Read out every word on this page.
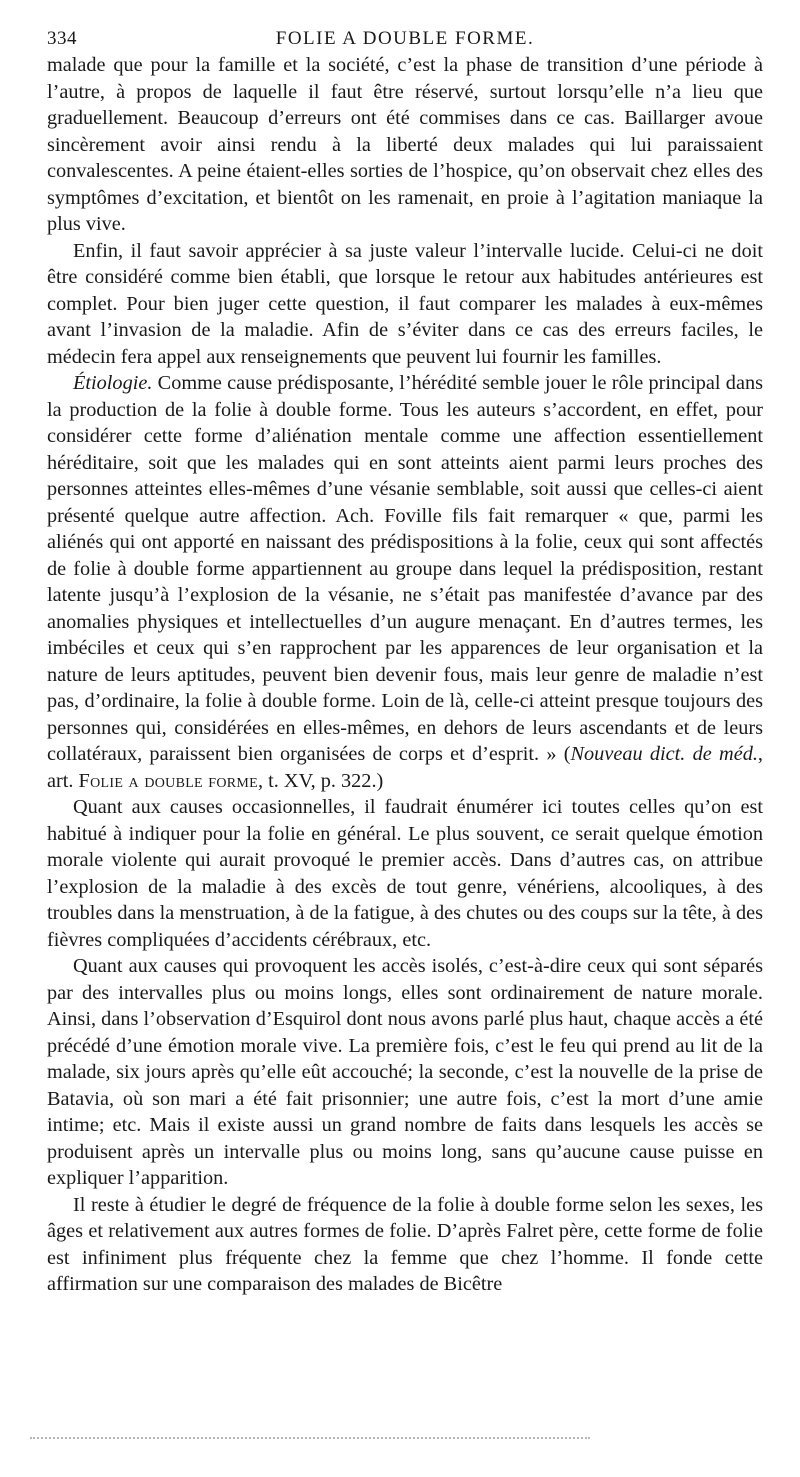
334	FOLIE A DOUBLE FORME.

malade que pour la famille et la société, c’est la phase de transition d’une période à l’autre, à propos de laquelle il faut être réservé, surtout lorsqu’elle n’a lieu que graduellement. Beaucoup d’erreurs ont été commises dans ce cas. Baillarger avoue sincèrement avoir ainsi rendu à la liberté deux malades qui lui paraissaient convalescentes. A peine étaient-elles sorties de l’hospice, qu’on observait chez elles des symptômes d’excitation, et bientôt on les ramenait, en proie à l’agitation maniaque la plus vive.

Enfin, il faut savoir apprécier à sa juste valeur l’intervalle lucide. Celui-ci ne doit être considéré comme bien établi, que lorsque le retour aux habitudes antérieures est complet. Pour bien juger cette question, il faut comparer les malades à eux-mêmes avant l’invasion de la maladie. Afin de s’éviter dans ce cas des erreurs faciles, le médecin fera appel aux renseignements que peuvent lui fournir les familles.

Étiologie. Comme cause prédisposante, l’hérédité semble jouer le rôle principal dans la production de la folie à double forme. Tous les auteurs s’accordent, en effet, pour considérer cette forme d’aliénation mentale comme une affection essentiellement héréditaire, soit que les malades qui en sont atteints aient parmi leurs proches des personnes atteintes elles-mêmes d’une vésanie semblable, soit aussi que celles-ci aient présenté quelque autre affection. Ach. Foville fils fait remarquer « que, parmi les aliénés qui ont apporté en naissant des prédispositions à la folie, ceux qui sont affectés de folie à double forme appartiennent au groupe dans lequel la prédisposition, restant latente jusqu’à l’explosion de la vésanie, ne s’était pas manifestée d’avance par des anomalies physiques et intellectuelles d’un augure menaçant. En d’autres termes, les imbéciles et ceux qui s’en rapprochent par les apparences de leur organisation et la nature de leurs aptitudes, peuvent bien devenir fous, mais leur genre de maladie n’est pas, d’ordinaire, la folie à double forme. Loin de là, celle-ci atteint presque toujours des personnes qui, considérées en elles-mêmes, en dehors de leurs ascendants et de leurs collatéraux, paraissent bien organisées de corps et d’esprit. » (Nouveau dict. de méd., art. Folie a double forme, t. XV, p. 322.)

Quant aux causes occasionnelles, il faudrait énumérer ici toutes celles qu’on est habitué à indiquer pour la folie en général. Le plus souvent, ce serait quelque émotion morale violente qui aurait provoqué le premier accès. Dans d’autres cas, on attribue l’explosion de la maladie à des excès de tout genre, vénériens, alcooliques, à des troubles dans la menstruation, à de la fatigue, à des chutes ou des coups sur la tête, à des fièvres compliquées d’accidents cérébraux, etc.

Quant aux causes qui provoquent les accès isolés, c’est-à-dire ceux qui sont séparés par des intervalles plus ou moins longs, elles sont ordinairement de nature morale. Ainsi, dans l’observation d’Esquirol dont nous avons parlé plus haut, chaque accès a été précédé d’une émotion morale vive. La première fois, c’est le feu qui prend au lit de la malade, six jours après qu’elle eût accouché; la seconde, c’est la nouvelle de la prise de Batavia, où son mari a été fait prisonnier; une autre fois, c’est la mort d’une amie intime; etc. Mais il existe aussi un grand nombre de faits dans lesquels les accès se produisent après un intervalle plus ou moins long, sans qu’aucune cause puisse en expliquer l’apparition.

Il reste à étudier le degré de fréquence de la folie à double forme selon les sexes, les âges et relativement aux autres formes de folie. D’après Falret père, cette forme de folie est infiniment plus fréquente chez la femme que chez l’homme. Il fonde cette affirmation sur une comparaison des malades de Bicêtre
